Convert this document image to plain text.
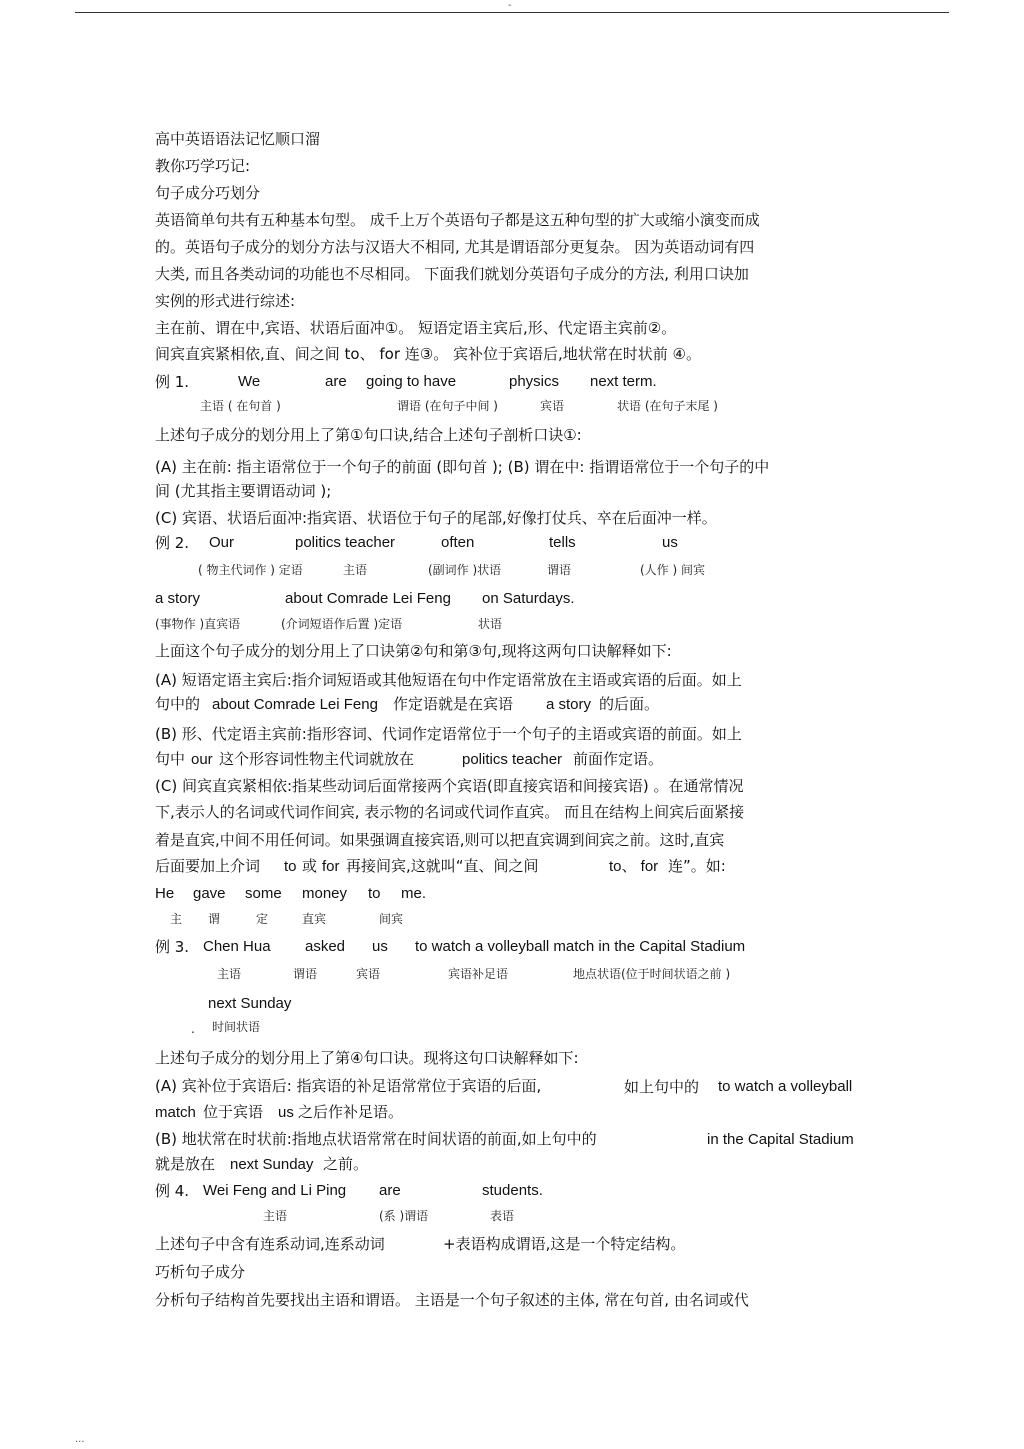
-
高中英语语法记忆顺口溜
教你巧学巧记:
句子成分巧划分
英语简单句共有五种基本句型。 成千上万个英语句子都是这五种句型的扩大或缩小演变而成
的。英语句子成分的划分方法与汉语大不相同, 尤其是谓语部分更复杂。 因为英语动词有四
大类, 而且各类动词的功能也不尽相同。 下面我们就划分英语句子成分的方法, 利用口诀加
实例的形式进行综述:
主在前、谓在中,宾语、状语后面冲①。 短语定语主宾后,形、代定语主宾前②。
间宾直宾紧相依,直、间之间 to、 for 连③。 宾补位于宾语后,地状常在时状前 ④。
例 1.	We	are going to have	physics next term.
主语 ( 在句首 )	谓语 (在句子中间 )	宾语	状语 (在句子末尾 )
上述句子成分的划分用上了第①句口诀,结合上述句子剖析口诀①:
(A) 主在前: 指主语常位于一个句子的前面 (即句首 ); (B) 谓在中: 指谓语常位于一个句子的中
间 (尤其指主要谓语动词 );
(C) 宾语、状语后面冲:指宾语、状语位于句子的尾部,好像打仗兵、卒在后面冲一样。
例 2. Our	politics teacher	often	tells	us
( 物主代词作 ) 定语	主语	(副词作 )状语	谓语	(人作 ) 间宾
a story	about Comrade Lei Feng on Saturdays.
(事物作 )直宾语	(介词短语作后置 )定语	状语
上面这个句子成分的划分用上了口诀第②句和第③句,现将这两句口诀解释如下:
(A) 短语定语主宾后:指介词短语或其他短语在句中作定语常放在主语或宾语的后面。如上
句中的 about Comrade Lei Feng 作定语就是在宾语 a story 的后面。
(B) 形、代定语主宾前:指形容词、代词作定语常位于一个句子的主语或宾语的前面。如上
句中 our 这个形容词性物主代词就放在	politics teacher 前面作定语。
(C) 间宾直宾紧相依:指某些动词后面常接两个宾语(即直接宾语和间接宾语) 。在通常情况
下,表示人的名词或代词作间宾, 表示物的名词或代词作直宾。 而且在结构上间宾后面紧接
着是直宾,中间不用任何词。如果强调直接宾语,则可以把直宾调到间宾之前。这时,直宾
后面要加上介词 to 或 for 再接间宾,这就叫“直、间之间	to、 for 连”。如:
He gave some money to me.
主 谓	定	直宾	间宾
例 3. Chen Hua asked us to watch a volleyball match in the Capital Stadium
主语	谓语	宾语	宾语补足语	地点状语(位于时间状语之前 )
next Sunday
. 时间状语
上述句子成分的划分用上了第④句口诀。现将这句口诀解释如下:
(A) 宾补位于宾语后: 指宾语的补足语常常位于宾语的后面,	如上句中的 to watch a volleyball
match 位于宾语 us 之后作补足语。
(B) 地状常在时状前:指地点状语常常在时间状语的前面,如上句中的	in the Capital Stadium
就是放在 next Sunday 之前。
例 4. Wei Feng and Li Ping are	students.
主语	(系 )谓语	表语
上述句子中含有连系动词,连系动词	+表语构成谓语,这是一个特定结构。
巧析句子成分
分析句子结构首先要找出主语和谓语。 主语是一个句子叙述的主体, 常在句首, 由名词或代
...
